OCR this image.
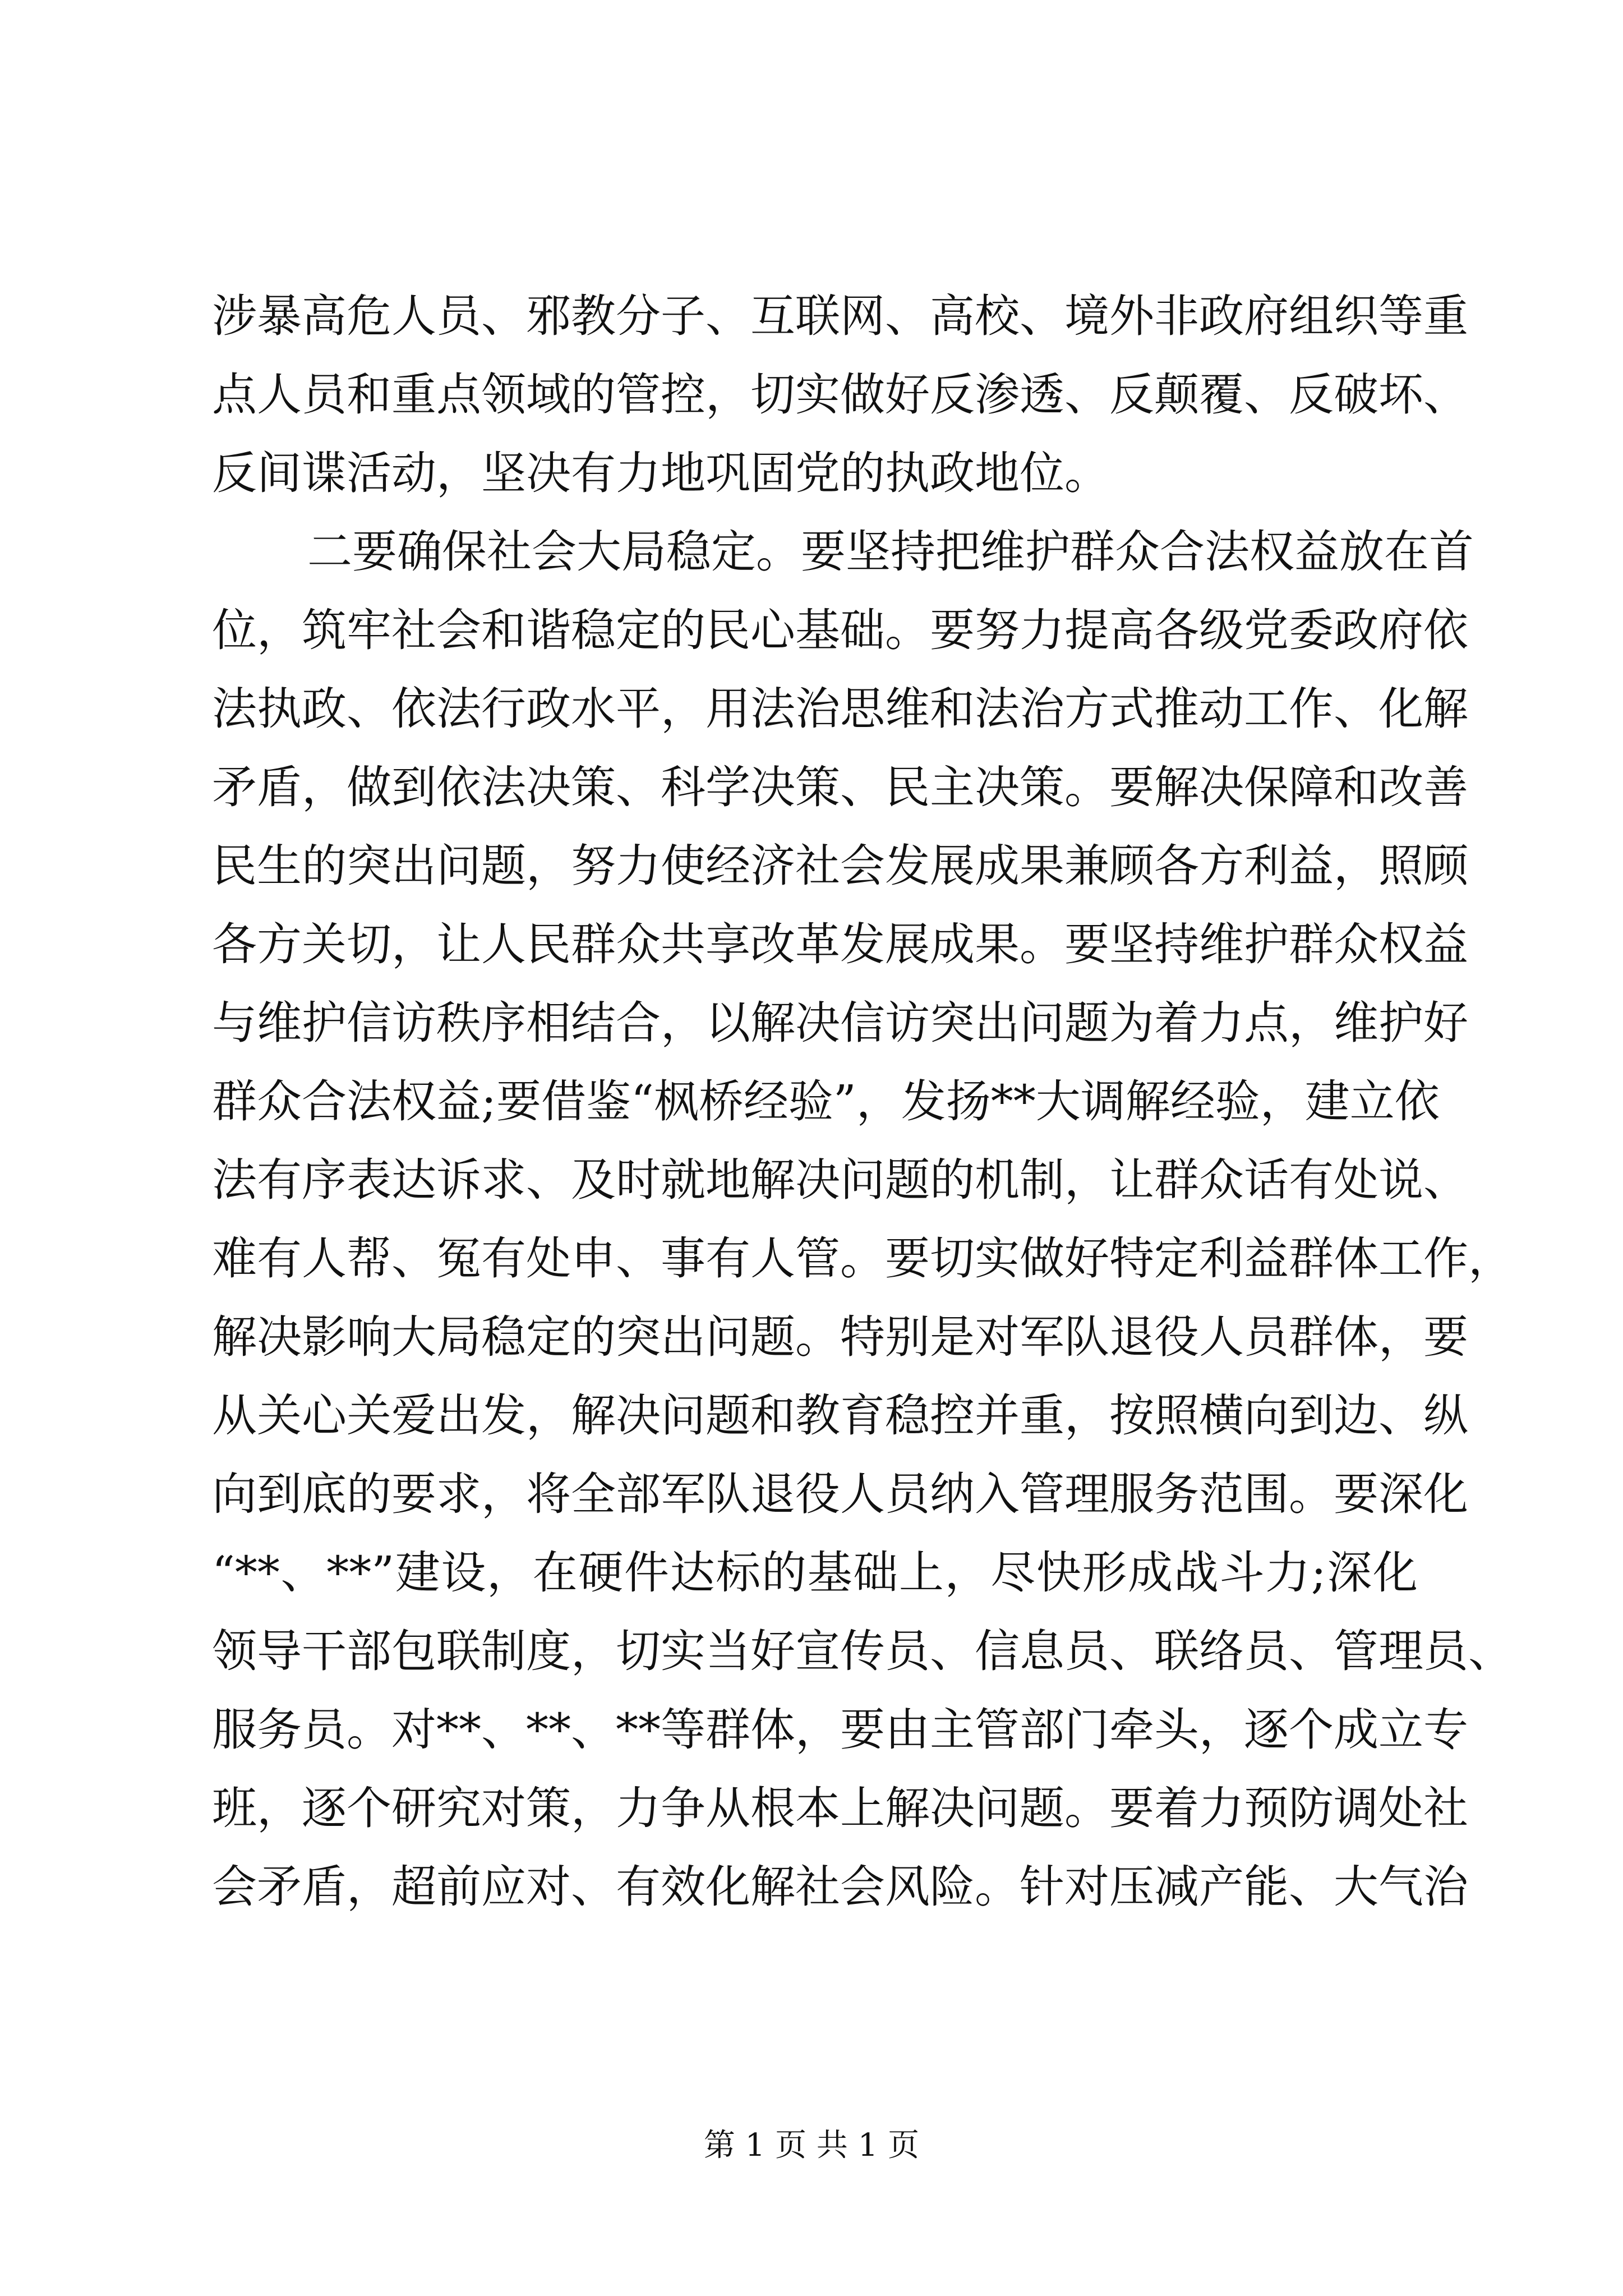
涉暴高危人员、邪教分子、互联网、高校、境外非政府组织等重
点人员和重点领域的管控，切实做好反渗透、反颠覆、反破坏、
反间谍活动，坚决有力地巩固党的执政地位。
二要确保社会大局稳定。要坚持把维护群众合法权益放在首
位，筑牢社会和谐稳定的民心基础。要努力提高各级党委政府依
法执政、依法行政水平，用法治思维和法治方式推动工作、化解
矛盾，做到依法决策、科学决策、民主决策。要解决保障和改善
民生的突出问题，努力使经济社会发展成果兼顾各方利益，照顾
各方关切，让人民群众共享改革发展成果。要坚持维护群众权益
与维护信访秩序相结合，以解决信访突出问题为着力点，维护好
群众合法权益;要借鉴“枫桥经验”，发扬**大调解经验，建立依
法有序表达诉求、及时就地解决问题的机制，让群众话有处说、
难有人帮、冤有处申、事有人管。要切实做好特定利益群体工作，
解决影响大局稳定的突出问题。特别是对军队退役人员群体，要
从关心关爱出发，解决问题和教育稳控并重，按照横向到边、纵
向到底的要求，将全部军队退役人员纳入管理服务范围。要深化
“**、**”建设，在硬件达标的基础上，尽快形成战斗力;深化
领导干部包联制度，切实当好宣传员、信息员、联络员、管理员、
服务员。对**、**、**等群体，要由主管部门牵头，逐个成立专
班，逐个研究对策，力争从根本上解决问题。要着力预防调处社
会矛盾，超前应对、有效化解社会风险。针对压减产能、大气治
第 1 页 共 1 页
